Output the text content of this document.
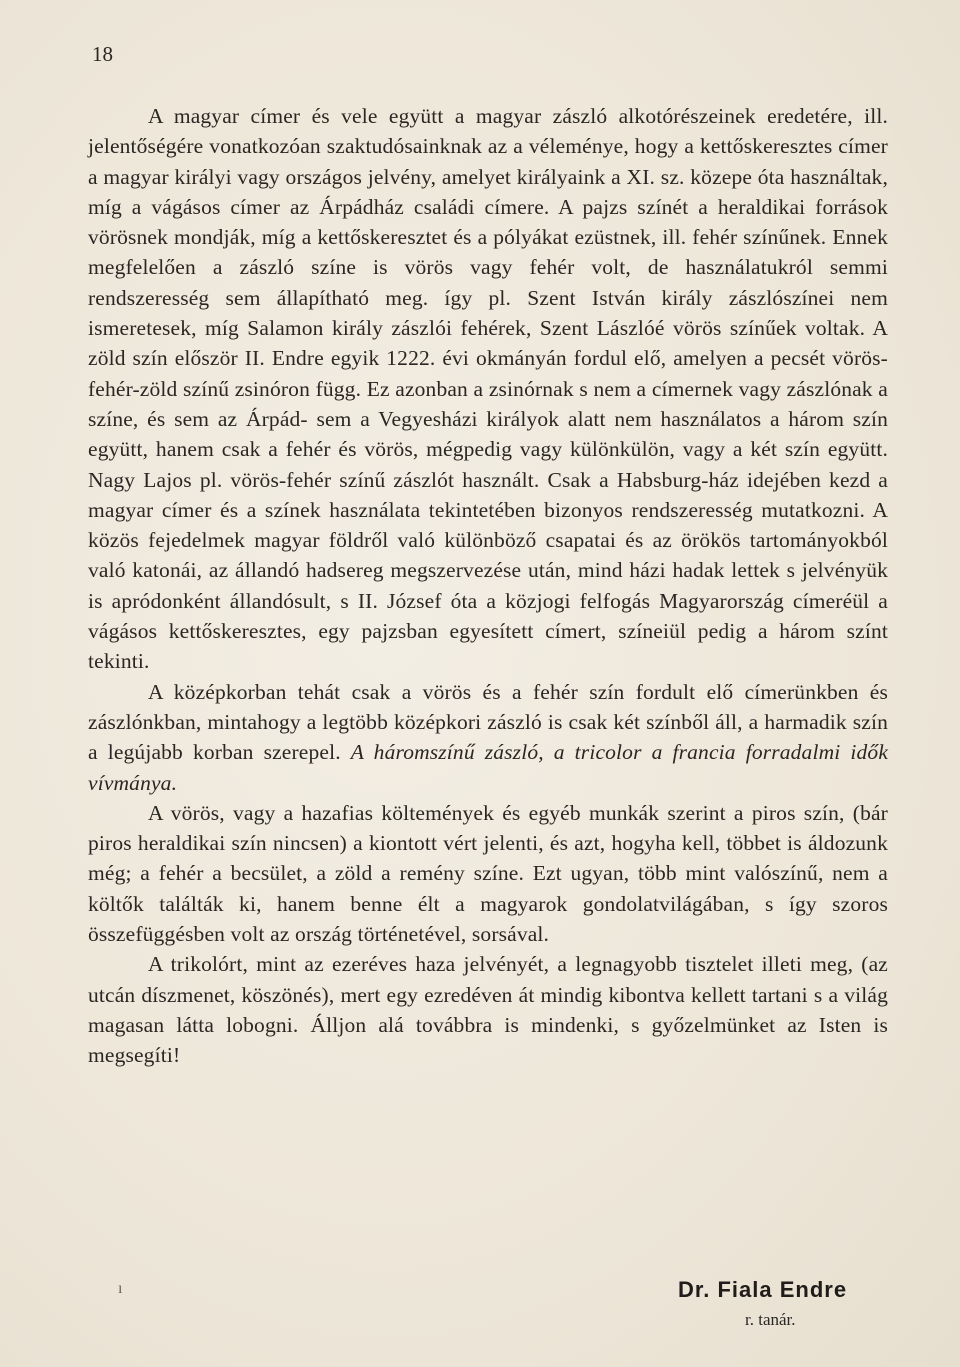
18

A magyar címer és vele együtt a magyar zászló alkotórészeinek eredetére, ill. jelentőségére vonatkozóan szaktudósainknak az a véleménye, hogy a kettőskeresztes címer a magyar királyi vagy országos jelvény, amelyet királyaink a XI. sz. közepe óta használtak, míg a vágásos címer az Árpádház családi címere. A pajzs színét a heraldikai források vörösnek mondják, míg a kettőskeresztet és a pólyákat ezüstnek, ill. fehér színűnek. Ennek megfelelően a zászló színe is vörös vagy fehér volt, de használatukról semmi rendszeresség sem állapítható meg. így pl. Szent István király zászlószínei nem ismeretesek, míg Salamon király zászlói fehérek, Szent Lászlóé vörös színűek voltak. A zöld szín először II. Endre egyik 1222. évi okmányán fordul elő, amelyen a pecsét vörös-fehér-zöld színű zsinóron függ. Ez azonban a zsinórnak s nem a címernek vagy zászlónak a színe, és sem az Árpád- sem a Vegyesházi királyok alatt nem használatos a három szín együtt, hanem csak a fehér és vörös, mégpedig vagy különkülön, vagy a két szín együtt. Nagy Lajos pl. vörös-fehér színű zászlót használt. Csak a Habsburg-ház idejében kezd a magyar címer és a színek használata tekintetében bizonyos rendszeresség mutatkozni. A közös fejedelmek magyar földről való különböző csapatai és az örökös tartományokból való katonái, az állandó hadsereg megszervezése után, mind házi hadak lettek s jelvényük is apródonként állandósult, s II. József óta a közjogi felfogás Magyarország címeréül a vágásos kettőskeresztes, egy pajzsban egyesített címert, színeiül pedig a három színt tekinti.

A középkorban tehát csak a vörös és a fehér szín fordult elő címerünkben és zászlónkban, mintahogy a legtöbb középkori zászló is csak két színből áll, a harmadik szín a legújabb korban szerepel. A háromszínű zászló, a tricolor a francia forradalmi idők vívmánya.

A vörös, vagy a hazafias költemények és egyéb munkák szerint a piros szín, (bár piros heraldikai szín nincsen) a kiontott vért jelenti, és azt, hogyha kell, többet is áldozunk még; a fehér a becsület, a zöld a remény színe. Ezt ugyan, több mint valószínű, nem a költők találták ki, hanem benne élt a magyarok gondolatvilágában, s így szoros összefüggésben volt az ország történetével, sorsával.

A trikolórt, mint az ezeréves haza jelvényét, a legnagyobb tisztelet illeti meg, (az utcán díszmenet, köszönés), mert egy ezredéven át mindig kibontva kellett tartani s a világ magasan látta lobogni. Állјon alá továbbra is mindenki, s győzelmünket az Isten is megsegíti!

ı	Dr. Fiala Endre
r. tanár.
